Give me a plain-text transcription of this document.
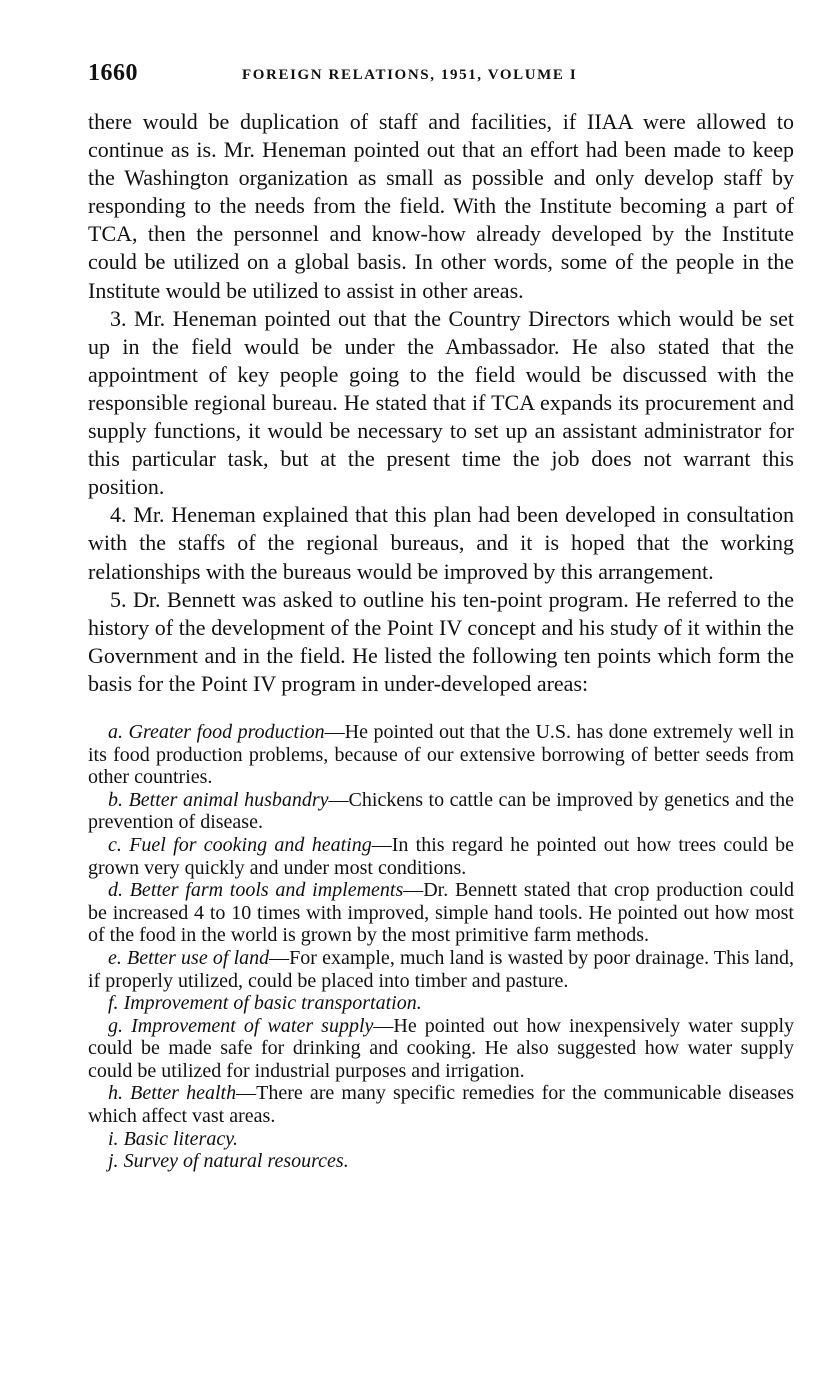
1660	FOREIGN RELATIONS, 1951, VOLUME I

there would be duplication of staff and facilities, if IIAA were allowed to continue as is. Mr. Heneman pointed out that an effort had been made to keep the Washington organization as small as possible and only develop staff by responding to the needs from the field. With the Institute becoming a part of TCA, then the personnel and know-how already developed by the Institute could be utilized on a global basis. In other words, some of the people in the Institute would be utilized to assist in other areas.

3. Mr. Heneman pointed out that the Country Directors which would be set up in the field would be under the Ambassador. He also stated that the appointment of key people going to the field would be discussed with the responsible regional bureau. He stated that if TCA expands its procurement and supply functions, it would be necessary to set up an assistant administrator for this particular task, but at the present time the job does not warrant this position.

4. Mr. Heneman explained that this plan had been developed in consultation with the staffs of the regional bureaus, and it is hoped that the working relationships with the bureaus would be improved by this arrangement.

5. Dr. Bennett was asked to outline his ten-point program. He referred to the history of the development of the Point IV concept and his study of it within the Government and in the field. He listed the following ten points which form the basis for the Point IV program in under-developed areas:

a. Greater food production—He pointed out that the U.S. has done extremely well in its food production problems, because of our extensive borrowing of better seeds from other countries.

b. Better animal husbandry—Chickens to cattle can be improved by genetics and the prevention of disease.

c. Fuel for cooking and heating—In this regard he pointed out how trees could be grown very quickly and under most conditions.

d. Better farm tools and implements—Dr. Bennett stated that crop production could be increased 4 to 10 times with improved, simple hand tools. He pointed out how most of the food in the world is grown by the most primitive farm methods.

e. Better use of land—For example, much land is wasted by poor drainage. This land, if properly utilized, could be placed into timber and pasture.

f. Improvement of basic transportation.

g. Improvement of water supply—He pointed out how inexpensively water supply could be made safe for drinking and cooking. He also suggested how water supply could be utilized for industrial purposes and irrigation.

h. Better health—There are many specific remedies for the communicable diseases which affect vast areas.

i. Basic literacy.

j. Survey of natural resources.
